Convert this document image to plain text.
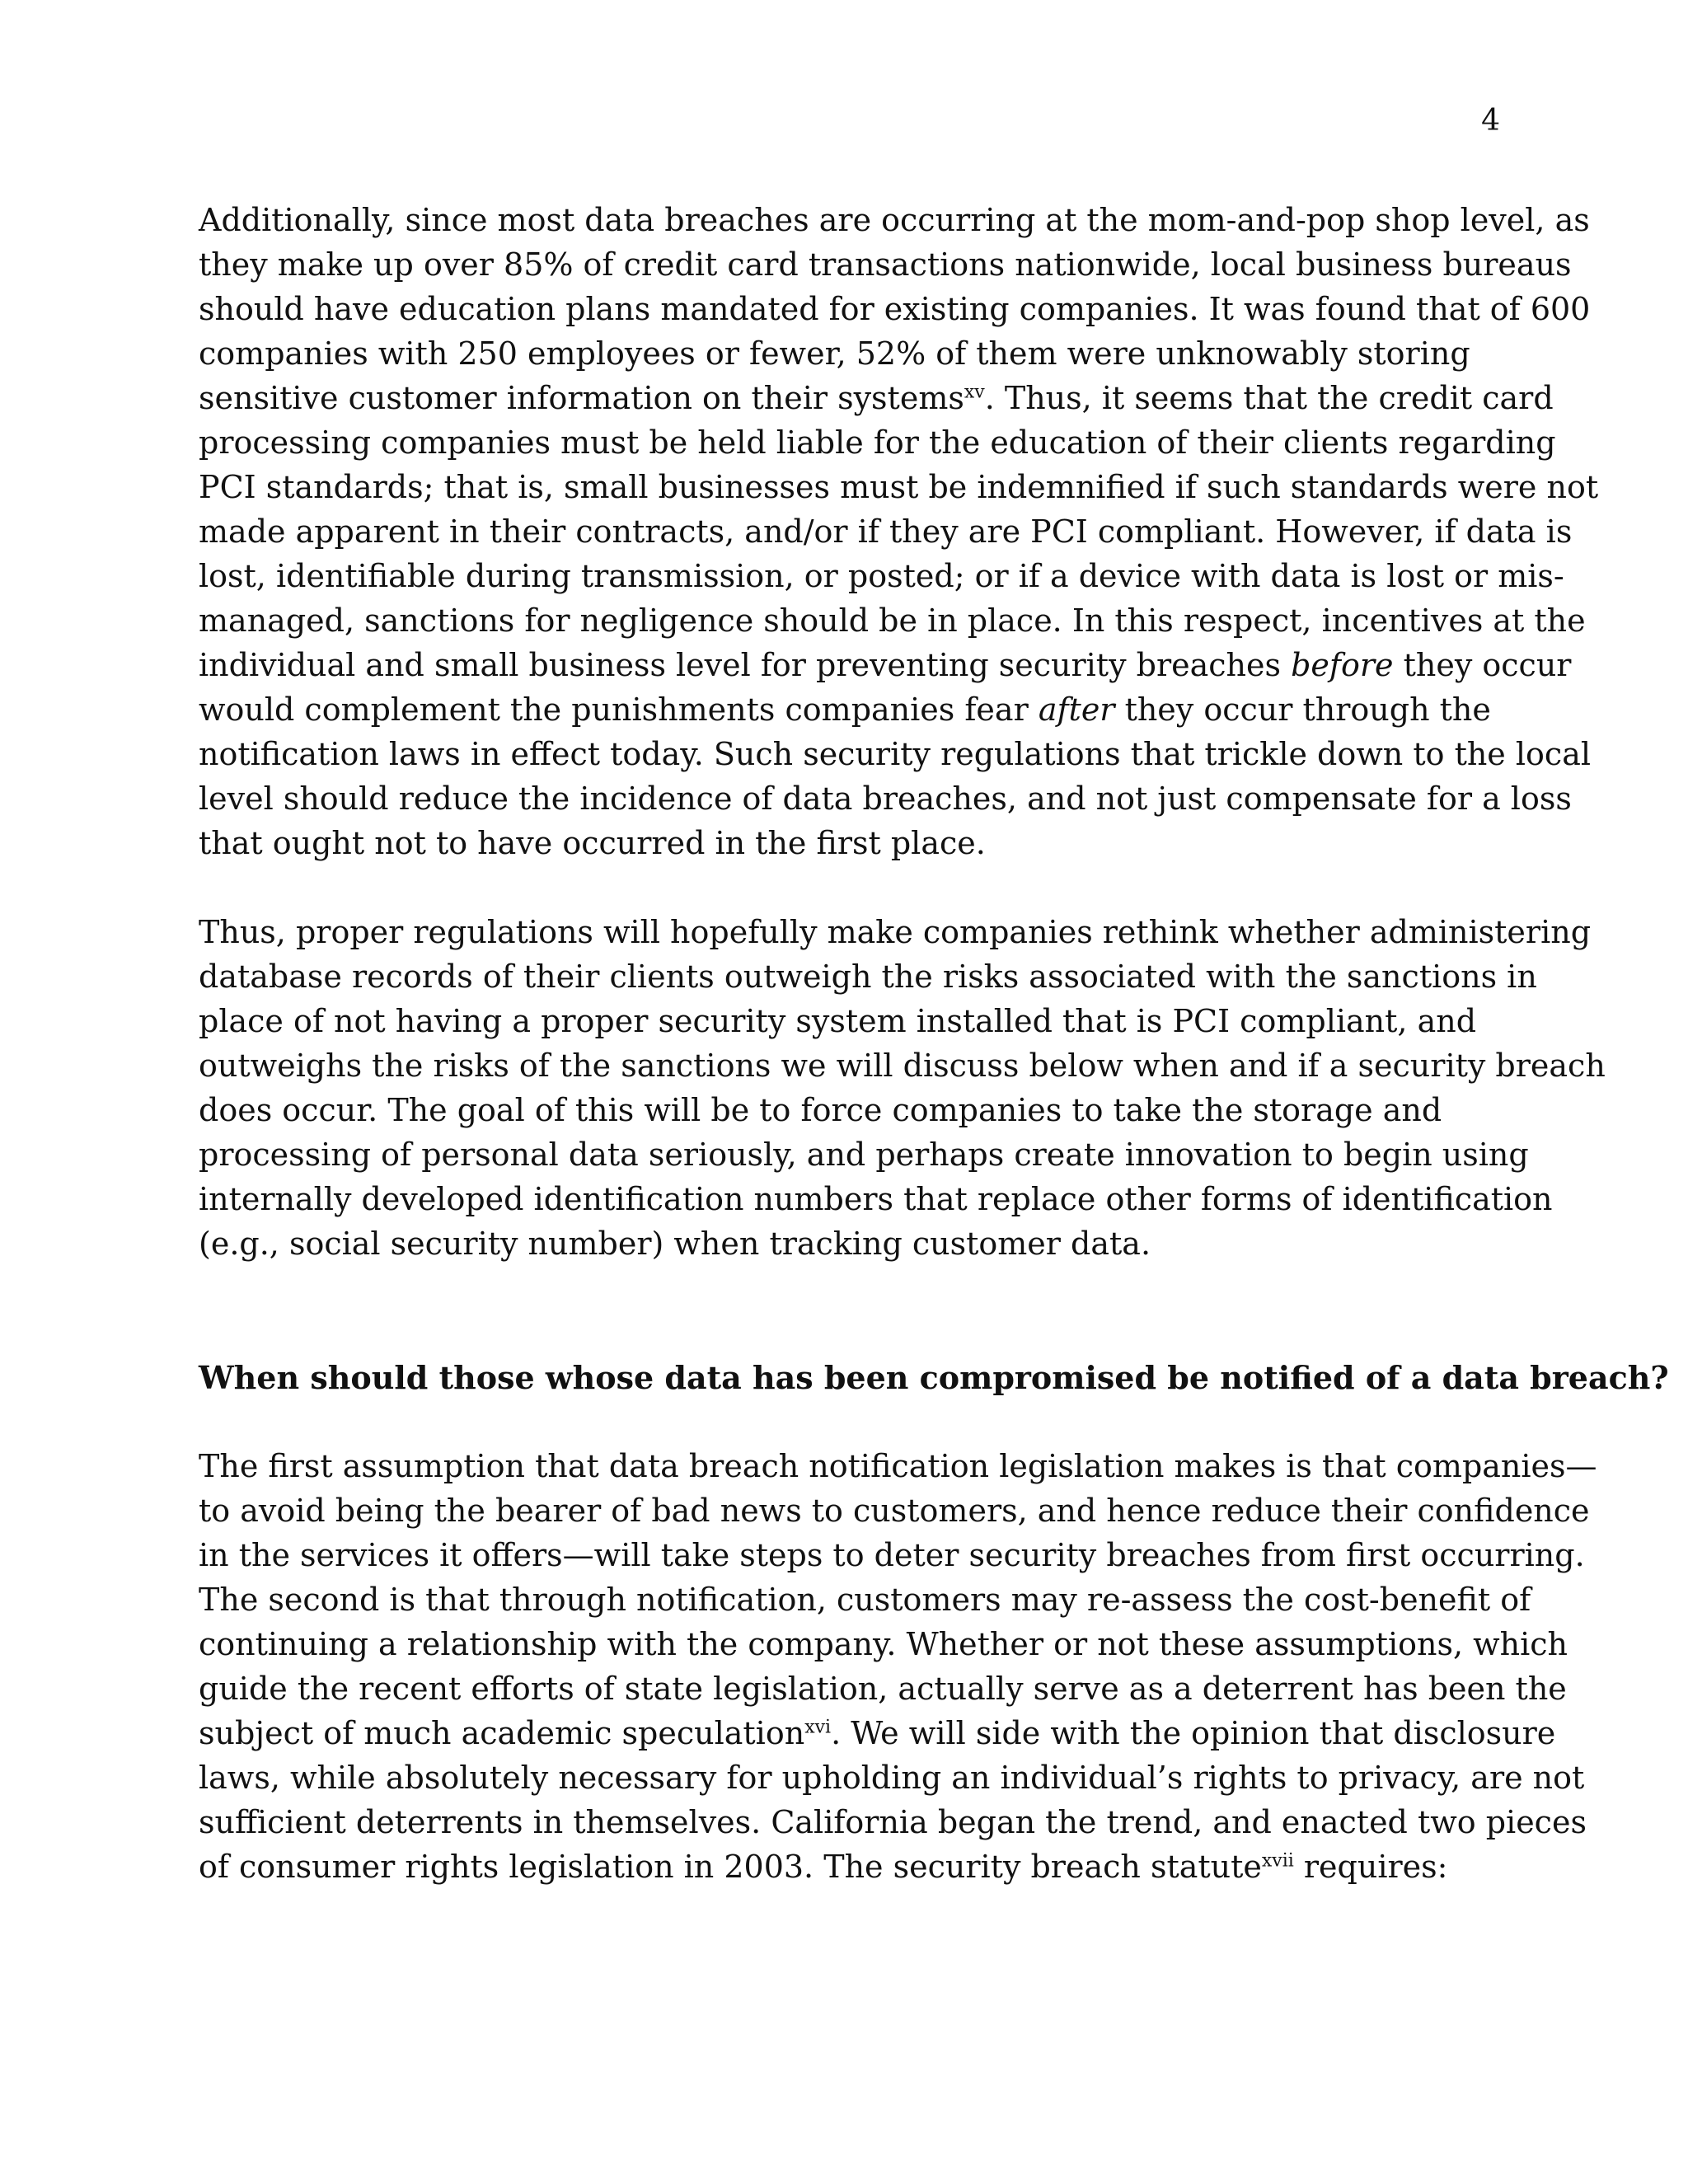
4
Additionally, since most data breaches are occurring at the mom-and-pop shop level, as
they make up over 85% of credit card transactions nationwide, local business bureaus
should have education plans mandated for existing companies. It was found that of 600
companies with 250 employees or fewer, 52% of them were unknowably storing
sensitive customer information on their systems$^{xv}$. Thus, it seems that the credit card
processing companies must be held liable for the education of their clients regarding
PCI standards; that is, small businesses must be indemnified if such standards were not
made apparent in their contracts, and/or if they are PCI compliant. However, if data is
lost, identifiable during transmission, or posted; or if a device with data is lost or mis-
managed, sanctions for negligence should be in place. In this respect, incentives at the
individual and small business level for preventing security breaches before they occur
would complement the punishments companies fear after they occur through the
notification laws in effect today. Such security regulations that trickle down to the local
level should reduce the incidence of data breaches, and not just compensate for a loss
that ought not to have occurred in the first place.
Thus, proper regulations will hopefully make companies rethink whether administering
database records of their clients outweigh the risks associated with the sanctions in
place of not having a proper security system installed that is PCI compliant, and
outweighs the risks of the sanctions we will discuss below when and if a security breach
does occur. The goal of this will be to force companies to take the storage and
processing of personal data seriously, and perhaps create innovation to begin using
internally developed identification numbers that replace other forms of identification
(e.g., social security number) when tracking customer data.
When should those whose data has been compromised be notified of a data breach?
The first assumption that data breach notification legislation makes is that companies—
to avoid being the bearer of bad news to customers, and hence reduce their confidence
in the services it offers—will take steps to deter security breaches from first occurring.
The second is that through notification, customers may re-assess the cost-benefit of
continuing a relationship with the company. Whether or not these assumptions, which
guide the recent efforts of state legislation, actually serve as a deterrent has been the
subject of much academic speculation$^{xvi}$. We will side with the opinion that disclosure
laws, while absolutely necessary for upholding an individual’s rights to privacy, are not
sufficient deterrents in themselves. California began the trend, and enacted two pieces
of consumer rights legislation in 2003. The security breach statute$^{xvii}$ requires:
